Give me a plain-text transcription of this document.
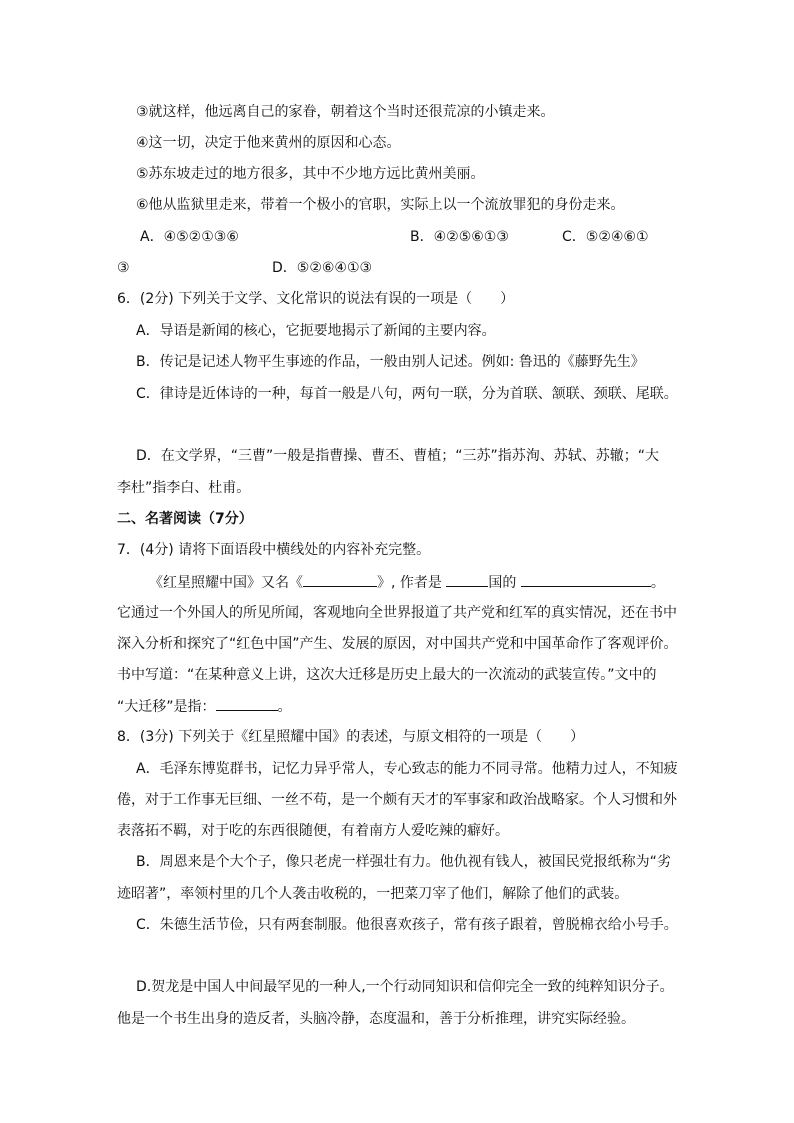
③就这样，他远离自己的家眷，朝着这个当时还很荒凉的小镇走来。
④这一切，决定于他来黄州的原因和心态。
⑤苏东坡走过的地方很多，其中不少地方远比黄州美丽。
⑥他从监狱里走来，带着一个极小的官职，实际上以一个流放罪犯的身份走来。
A．④⑤②①③⑥	B．④②⑤⑥①③	C．⑤②④⑥①
③	D．⑤②⑥④①③
6．(2分) 下列关于文学、文化常识的说法有误的一项是（　　）
A．导语是新闻的核心，它扼要地揭示了新闻的主要内容。
B．传记是记述人物平生事迹的作品，一般由别人记述。例如: 鲁迅的《藤野先生》
C．律诗是近体诗的一种，每首一般是八句，两句一联，分为首联、颔联、颈联、尾联。
D．在文学界，“三曹”一般是指曹操、曹丕、曹植；“三苏”指苏洵、苏轼、苏辙；“大
李杜”指李白、杜甫。
二、名著阅读（7分）
7．(4分) 请将下面语段中横线处的内容补充完整。
《红星照耀中国》又名《	》, 作者是	国的	。
它通过一个外国人的所见所闻，客观地向全世界报道了共产党和红军的真实情况，还在书中
深入分析和探究了“红色中国”产生、发展的原因，对中国共产党和中国革命作了客观评价。
书中写道：“在某种意义上讲，这次大迁移是历史上最大的一次流动的武装宣传。”文中的
“大迁移”是指：	。
8．(3分) 下列关于《红星照耀中国》的表述，与原文相符的一项是（　　）
A．毛泽东博览群书，记忆力异乎常人，专心致志的能力不同寻常。他精力过人，不知疲
倦，对于工作事无巨细、一丝不苟，是一个颇有天才的军事家和政治战略家。个人习惯和外
表落拓不羁，对于吃的东西很随便，有着南方人爱吃辣的癖好。
B．周恩来是个大个子，像只老虎一样强壮有力。他仇视有钱人，被国民党报纸称为“劣
迹昭著”，率领村里的几个人袭击收税的，一把菜刀宰了他们，解除了他们的武装。
C．朱德生活节俭，只有两套制服。他很喜欢孩子，常有孩子跟着，曾脱棉衣给小号手。
D.贺龙是中国人中间最罕见的一种人,一个行动同知识和信仰完全一致的纯粹知识分子。
他是一个书生出身的造反者，头脑冷静，态度温和，善于分析推理，讲究实际经验。
